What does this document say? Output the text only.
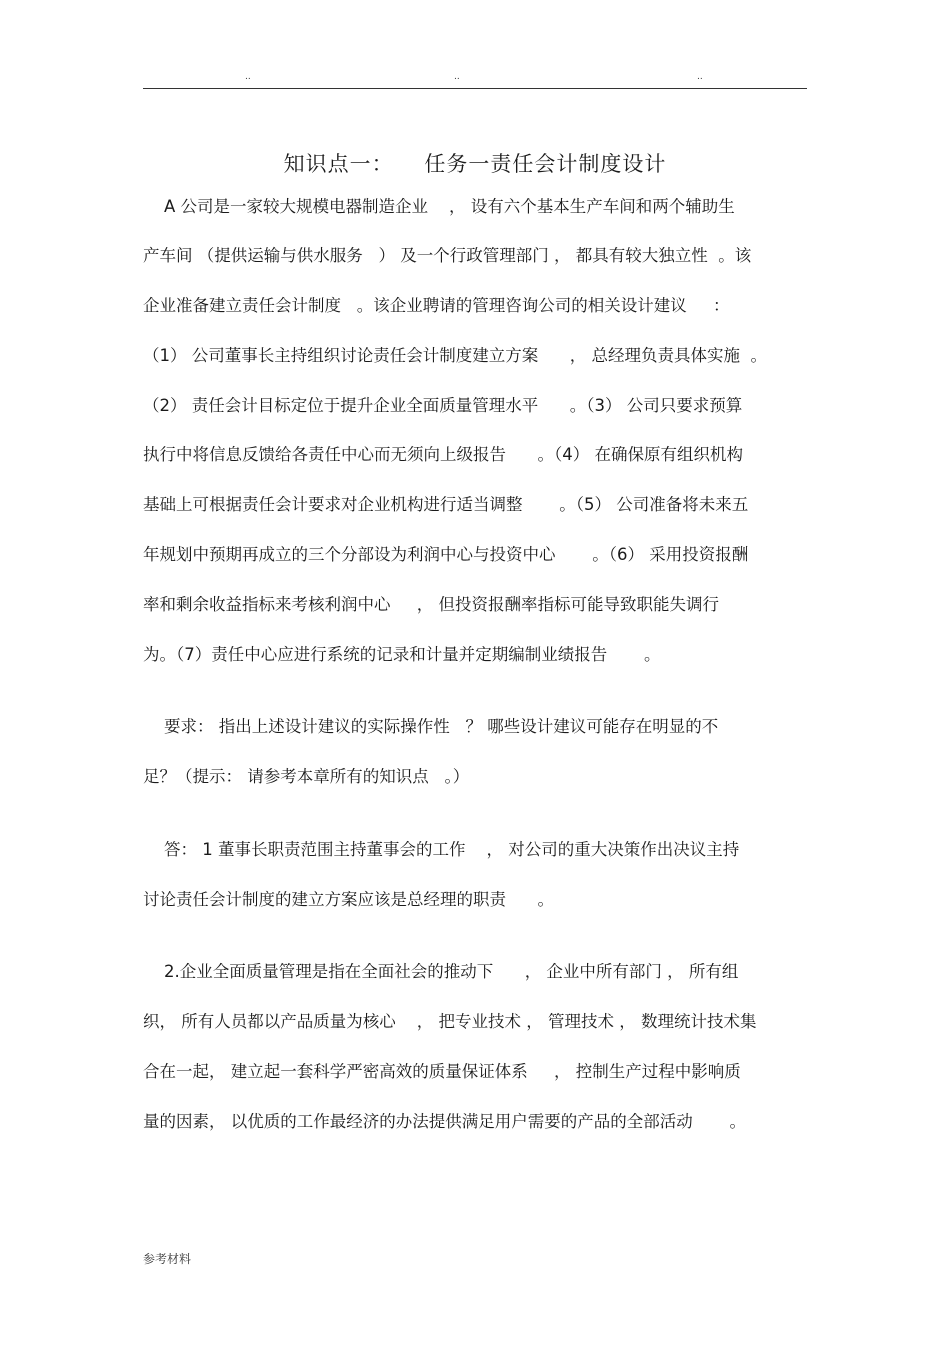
..	..	..
知识点一：    任务一责任会计制度设计
A 公司是一家较大规模电器制造企业    ， 设有六个基本生产车间和两个辅助生
产车间 （提供运输与供水服务   ） 及一个行政管理部门 ， 都具有较大独立性  。该
企业准备建立责任会计制度   。该企业聘请的管理咨询公司的相关设计建议     ：
（1） 公司董事长主持组织讨论责任会计制度建立方案      ， 总经理负责具体实施  。
（2） 责任会计目标定位于提升企业全面质量管理水平      。（3） 公司只要求预算
执行中将信息反馈给各责任中心而无须向上级报告      。（4） 在确保原有组织机构
基础上可根据责任会计要求对企业机构进行适当调整       。（5） 公司准备将未来五
年规划中预期再成立的三个分部设为利润中心与投资中心       。（6） 采用投资报酬
率和剩余收益指标来考核利润中心     ， 但投资报酬率指标可能导致职能失调行
为。（7）责任中心应进行系统的记录和计量并定期编制业绩报告       。
要求： 指出上述设计建议的实际操作性   ？ 哪些设计建议可能存在明显的不
足？（提示： 请参考本章所有的知识点   。）
答： 1 董事长职责范围主持董事会的工作    ， 对公司的重大决策作出决议主持
讨论责任会计制度的建立方案应该是总经理的职责      。
2.企业全面质量管理是指在全面社会的推动下      ， 企业中所有部门 ， 所有组
织， 所有人员都以产品质量为核心    ， 把专业技术 ， 管理技术 ， 数理统计技术集
合在一起， 建立起一套科学严密高效的质量保证体系     ， 控制生产过程中影响质
量的因素， 以优质的工作最经济的办法提供满足用户需要的产品的全部活动       。
参考材料
